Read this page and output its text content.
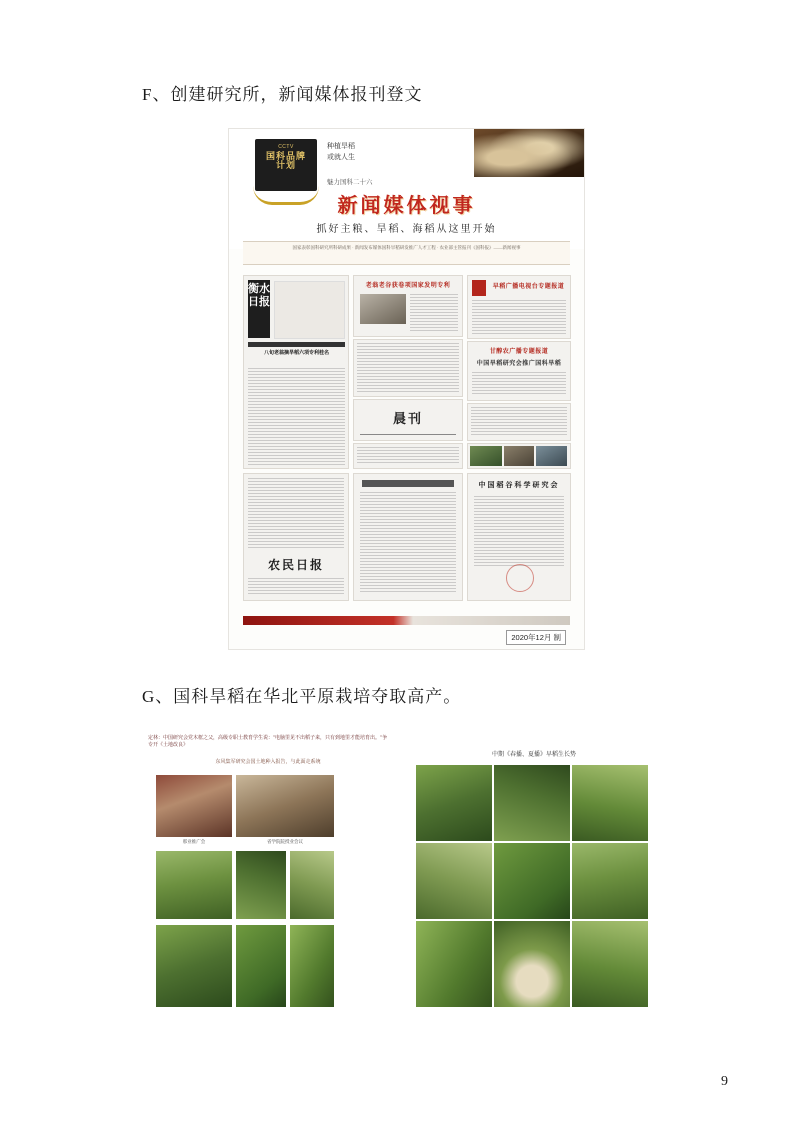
F、创建研究所，新闻媒体报刊登文
CCTV
国科品牌
计划
种植旱稻
或就人生
魅力国科二十六
新闻媒体视事
抓好主粮、旱稻、海稻从这里开始
国家表彰国科研究所科研成果 · 新闻发布媒体国科旱稻研发推广人才工程 · 农业部主管报刊《国科报》——新闻视事
衡水日报
八旬老翁摘旱稻六项专利桂名
老翁老谷获卷项国家发明专利
晨刊
早稻广播电视台专题报道
甘醇农广播专题报道
中国旱稻研究会推广国科旱稻
农民日报
中国稻谷科学研究会
2020年12月 制
G、国科旱稻在华北平原栽培夺取高产。
定林：中国研究会党木框之父，高级专职士教育学生说："电脑里见不出稻子来，只有到地里才能培育出。"争专开《土地改良》
东风集军研究会国土地种入报告，与此面走系统
那业推广会	省学院院授业会议
中期《春播、夏播》早稻生长势
9
